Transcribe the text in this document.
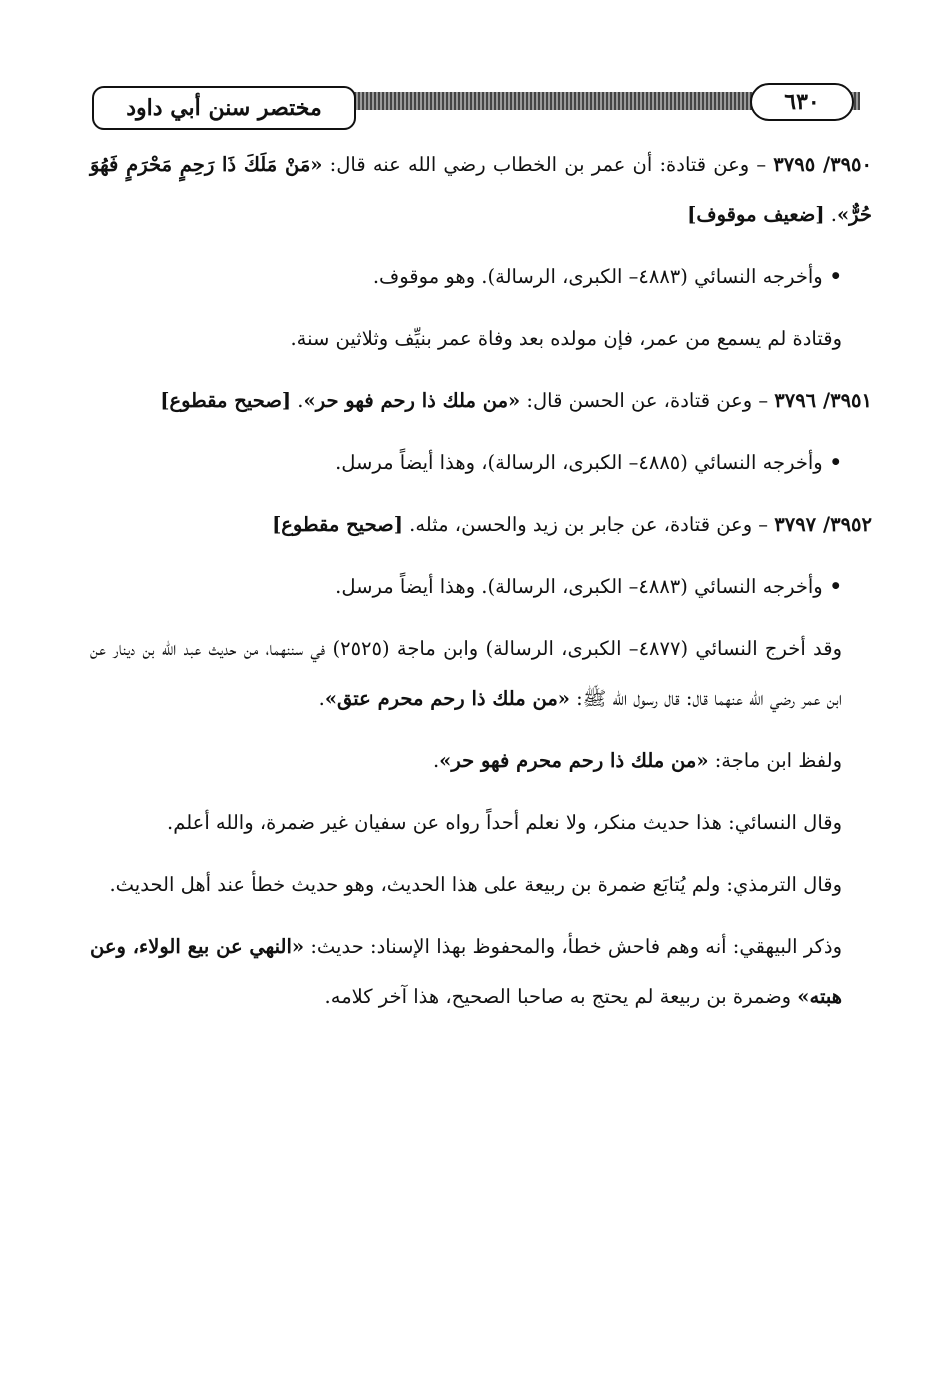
مختصر سنن أبي داود	٦٣٠

٣٩٥٠/ ٣٧٩٥ – وعن قتادة: أن عمر بن الخطاب رضي الله عنه قال: «مَنْ مَلَكَ ذَا رَحِمٍ مَحْرَمٍ فَهُوَ حُرٌّ». [ضعيف موقوف]

• وأخرجه النسائي (٤٨٨٣– الكبرى، الرسالة). وهو موقوف.

وقتادة لم يسمع من عمر، فإن مولده بعد وفاة عمر بنيِّف وثلاثين سنة.

٣٩٥١/ ٣٧٩٦ – وعن قتادة، عن الحسن قال: «من ملك ذا رحم فهو حر». [صحيح مقطوع]

• وأخرجه النسائي (٤٨٨٥– الكبرى، الرسالة)، وهذا أيضاً مرسل.

٣٩٥٢/ ٣٧٩٧ – وعن قتادة، عن جابر بن زيد والحسن، مثله. [صحيح مقطوع]

• وأخرجه النسائي (٤٨٨٣– الكبرى، الرسالة). وهذا أيضاً مرسل.

وقد أخرج النسائي (٤٨٧٧– الكبرى، الرسالة) وابن ماجة (٢٥٢٥) في سننهما، من حديث عبد الله بن دينار عن ابن عمر رضي الله عنهما قال: قال رسول الله ﷺ: «من ملك ذا رحم محرم عتق».

ولفظ ابن ماجة: «من ملك ذا رحم محرم فهو حر».

وقال النسائي: هذا حديث منكر، ولا نعلم أحداً رواه عن سفيان غير ضمرة، والله أعلم.

وقال الترمذي: ولم يُتابَع ضمرة بن ربيعة على هذا الحديث، وهو حديث خطأ عند أهل الحديث.

وذكر البيهقي: أنه وهم فاحش خطأ، والمحفوظ بهذا الإسناد: حديث: «النهي عن بيع الولاء، وعن هبته» وضمرة بن ربيعة لم يحتج به صاحبا الصحيح، هذا آخر كلامه.
